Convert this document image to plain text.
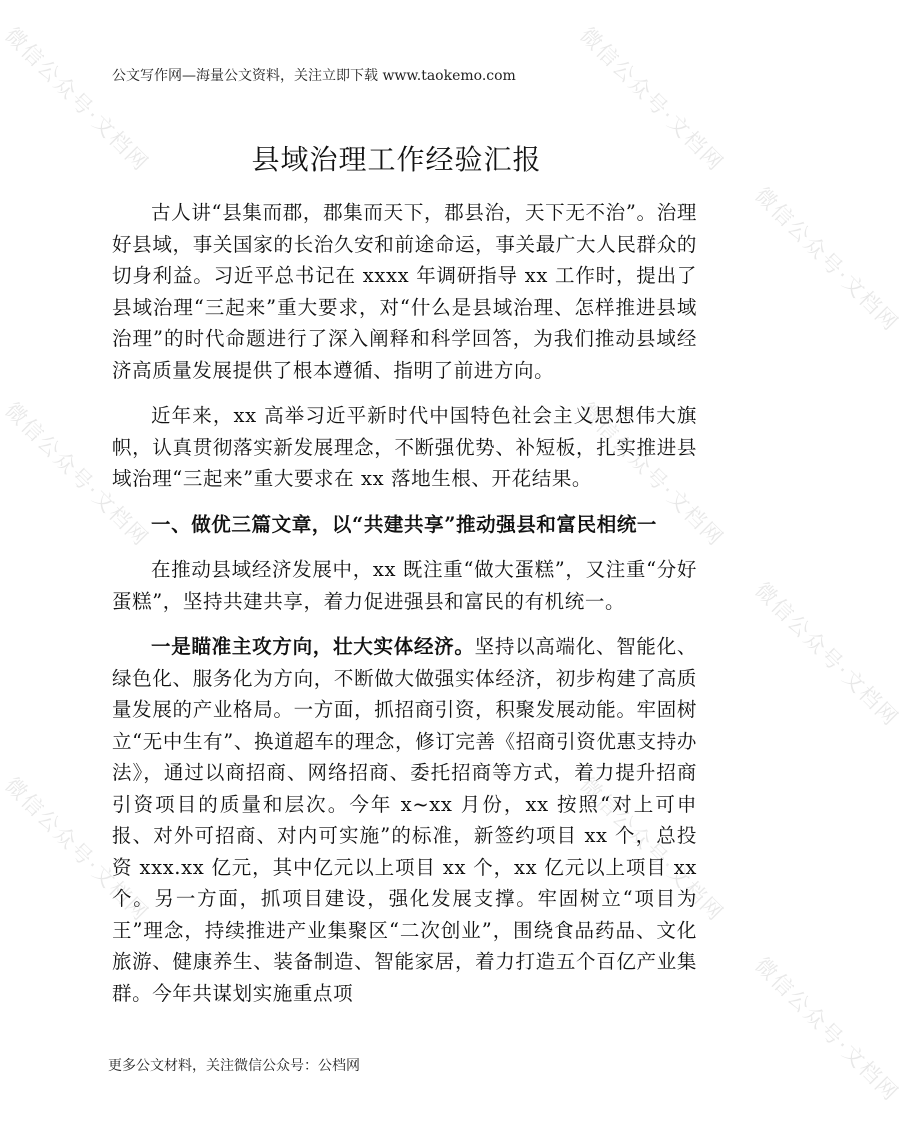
微信公众号·文档网	微信公众号·文档网
微信公众号·文档网	微信公众号·文档网
微信公众号·文档网	微信公众号·文档网
微信公众号·文档网
微信公众号·文档网
微信公众号·文档网
公文写作网—海量公文资料，关注立即下载 www.taokemo.com
县域治理工作经验汇报

古人讲“县集而郡，郡集而天下，郡县治，天下无不治”。治理好县域，事关国家的长治久安和前途命运，事关最广大人民群众的切身利益。习近平总书记在 xxxx 年调研指导 xx 工作时，提出了县域治理“三起来”重大要求，对“什么是县域治理、怎样推进县域治理”的时代命题进行了深入阐释和科学回答，为我们推动县域经济高质量发展提供了根本遵循、指明了前进方向。

近年来，xx 高举习近平新时代中国特色社会主义思想伟大旗帜，认真贯彻落实新发展理念，不断强优势、补短板，扎实推进县域治理“三起来”重大要求在 xx 落地生根、开花结果。

一、做优三篇文章，以“共建共享”推动强县和富民相统一

在推动县域经济发展中，xx 既注重“做大蛋糕”，又注重“分好蛋糕”，坚持共建共享，着力促进强县和富民的有机统一。

一是瞄准主攻方向，壮大实体经济。坚持以高端化、智能化、绿色化、服务化为方向，不断做大做强实体经济，初步构建了高质量发展的产业格局。一方面，抓招商引资，积聚发展动能。牢固树立“无中生有”、换道超车的理念，修订完善《招商引资优惠支持办法》，通过以商招商、网络招商、委托招商等方式，着力提升招商引资项目的质量和层次。今年 x~xx 月份，xx 按照“对上可申报、对外可招商、对内可实施”的标准，新签约项目 xx 个，总投资 xxx.xx 亿元，其中亿元以上项目 xx 个，xx 亿元以上项目 xx 个。另一方面，抓项目建设，强化发展支撑。牢固树立“项目为王”理念，持续推进产业集聚区“二次创业”，围绕食品药品、文化旅游、健康养生、装备制造、智能家居，着力打造五个百亿产业集群。今年共谋划实施重点项

更多公文材料，关注微信公众号：公档网
